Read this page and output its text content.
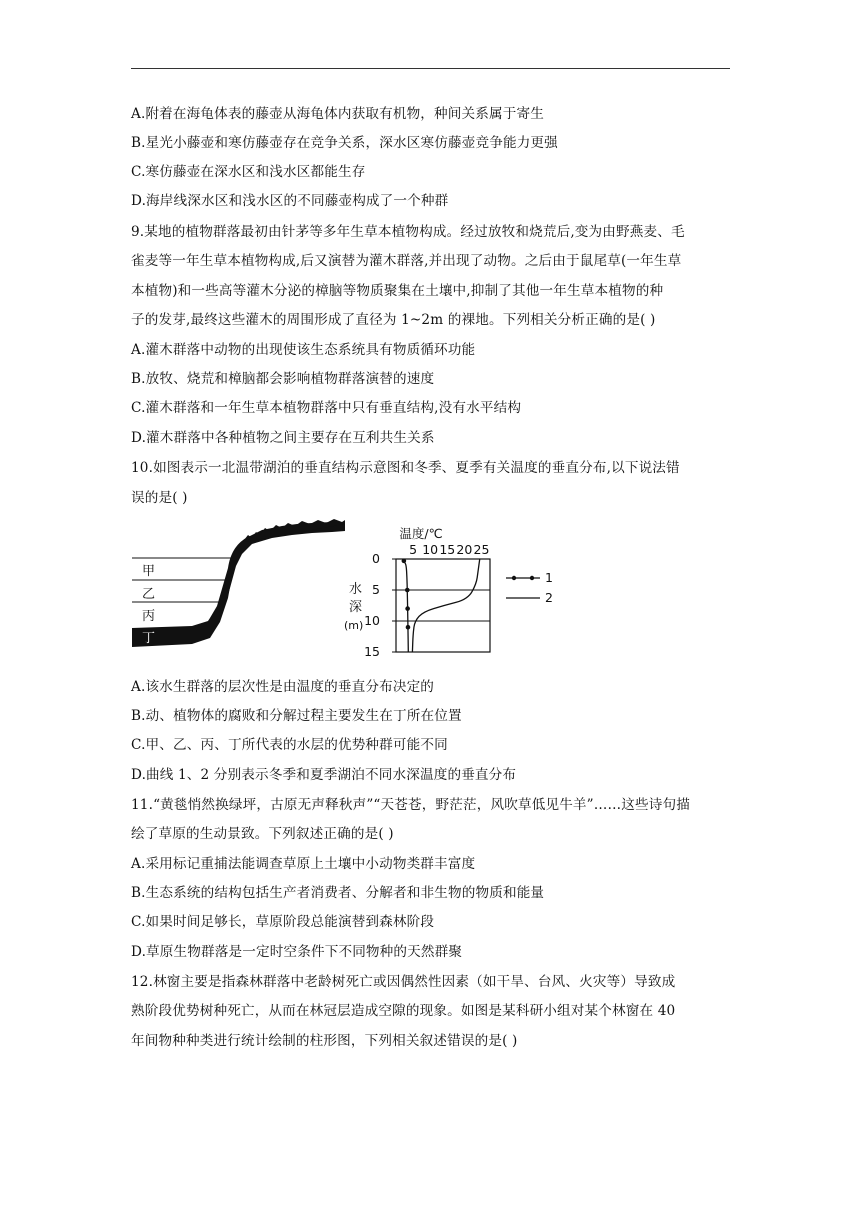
A.附着在海龟体表的藤壶从海龟体内获取有机物，种间关系属于寄生
B.星光小藤壶和寒仿藤壶存在竞争关系，深水区寒仿藤壶竞争能力更强
C.寒仿藤壶在深水区和浅水区都能生存
D.海岸线深水区和浅水区的不同藤壶构成了一个种群
9.某地的植物群落最初由针茅等多年生草本植物构成。经过放牧和烧荒后,变为由野燕麦、毛
雀麦等一年生草本植物构成,后又演替为灌木群落,并出现了动物。之后由于鼠尾草(一年生草
本植物)和一些高等灌木分泌的樟脑等物质聚集在土壤中,抑制了其他一年生草本植物的种
子的发芽,最终这些灌木的周围形成了直径为 1~2m 的裸地。下列相关分析正确的是( )
A.灌木群落中动物的出现使该生态系统具有物质循环功能
B.放牧、烧荒和樟脑都会影响植物群落演替的速度
C.灌木群落和一年生草本植物群落中只有垂直结构,没有水平结构
D.灌木群落中各种植物之间主要存在互利共生关系
10.如图表示一北温带湖泊的垂直结构示意图和冬季、夏季有关温度的垂直分布,以下说法错
误的是( )
甲
乙
丙
丁
温度/℃
5 10 15 20 25
0
5
10
15
水
深
(m)
1
2
A.该水生群落的层次性是由温度的垂直分布决定的
B.动、植物体的腐败和分解过程主要发生在丁所在位置
C.甲、乙、丙、丁所代表的水层的优势种群可能不同
D.曲线 1、2 分别表示冬季和夏季湖泊不同水深温度的垂直分布
11.“黄毯悄然换绿坪，古原无声释秋声”“天苍苍，野茫茫，风吹草低见牛羊”……这些诗句描
绘了草原的生动景致。下列叙述正确的是( )
A.采用标记重捕法能调查草原上土壤中小动物类群丰富度
B.生态系统的结构包括生产者消费者、分解者和非生物的物质和能量
C.如果时间足够长，草原阶段总能演替到森林阶段
D.草原生物群落是一定时空条件下不同物种的天然群聚
12.林窗主要是指森林群落中老龄树死亡或因偶然性因素（如干旱、台风、火灾等）导致成
熟阶段优势树种死亡，从而在林冠层造成空隙的现象。如图是某科研小组对某个林窗在 40
年间物种种类进行统计绘制的柱形图，下列相关叙述错误的是( )
